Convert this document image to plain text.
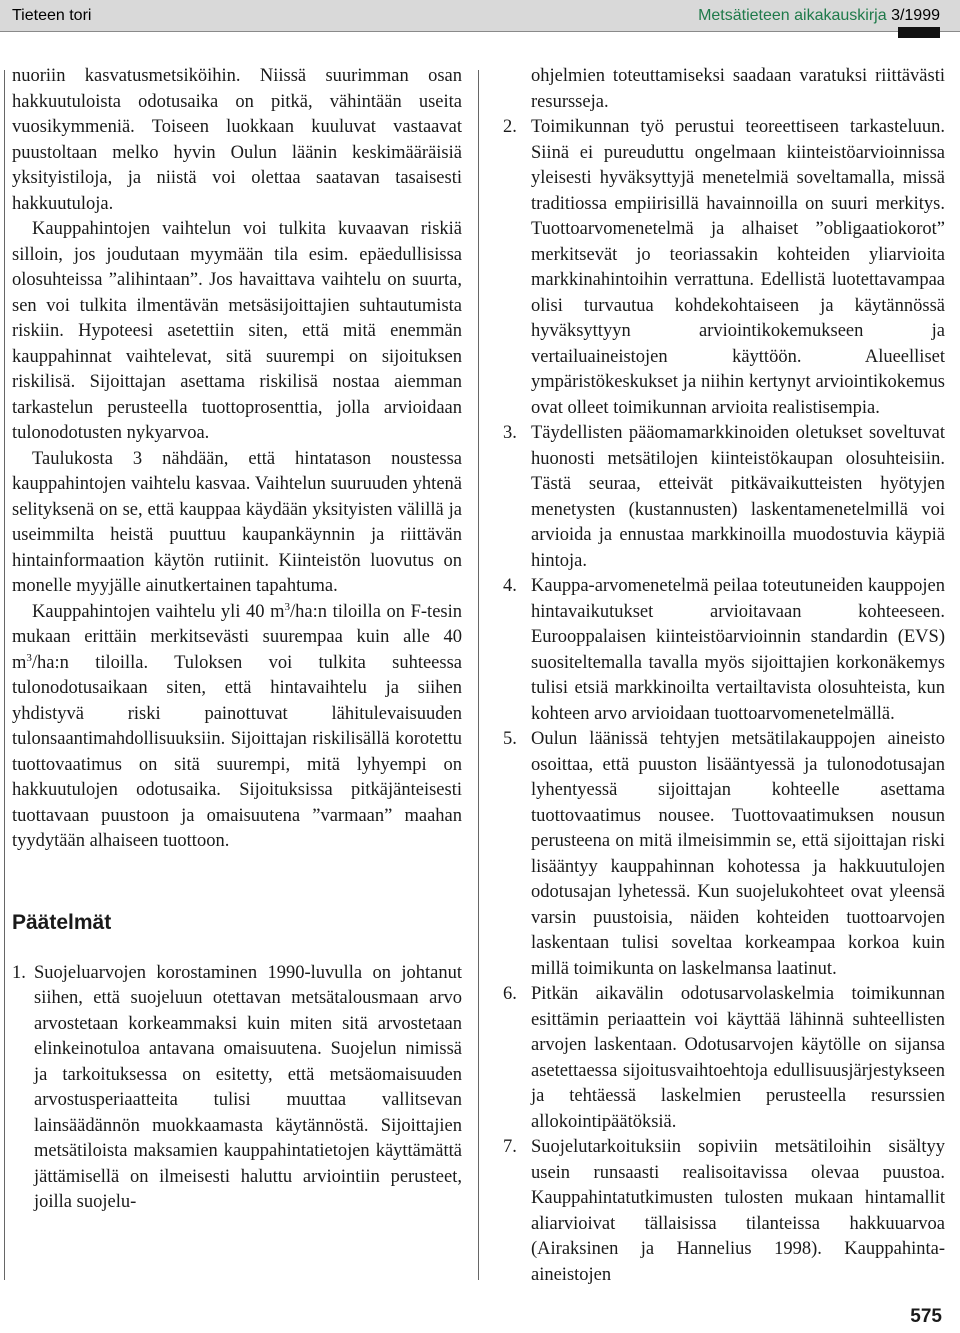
Tieteen tori	Metsätieteen aikakauskirja 3/1999

nuoriin kasvatusmetsiköihin. Niissä suurimman osan hakkuutuloista odotusaika on pitkä, vähintään useita vuosikymmeniä. Toiseen luokkaan kuuluvat vastaavat puustoltaan melko hyvin Oulun läänin keskimääräisiä yksityistiloja, ja niistä voi olettaa saatavan tasaisesti hakkuutuloja.

Kauppahintojen vaihtelun voi tulkita kuvaavan riskiä silloin, jos joudutaan myymään tila esim. epäedullisissa olosuhteissa ”alihintaan”. Jos havaittava vaihtelu on suurta, sen voi tulkita ilmentävän metsäsijoittajien suhtautumista riskiin. Hypoteesi asetettiin siten, että mitä enemmän kauppahinnat vaihtelevat, sitä suurempi on sijoituksen riskilisä. Sijoittajan asettama riskilisä nostaa aiemman tarkastelun perusteella tuottoprosenttia, jolla arvioidaan tulonodotusten nykyarvoa.

Taulukosta 3 nähdään, että hintatason noustessa kauppahintojen vaihtelu kasvaa. Vaihtelun suuruuden yhtenä selityksenä on se, että kauppaa käydään yksityisten välillä ja useimmilta heistä puuttuu kaupankäynnin ja riittävän hintainformaation käytön rutiinit. Kiinteistön luovutus on monelle myyjälle ainutkertainen tapahtuma.

Kauppahintojen vaihtelu yli 40 $m^3/ha:n$ tiloilla on F-tesin mukaan erittäin merkitsevästi suurempaa kuin alle 40 $m^3/ha:n$ tiloilla. Tuloksen voi tulkita suhteessa tulonodotusaikaan siten, että hintavaihtelu ja siihen yhdistyvä riski painottuvat lähitulevaisuuden tulonsaantimahdollisuuksiin. Sijoittajan riskilisällä korotettu tuottovaatimus on sitä suurempi, mitä lyhyempi on hakkuutulojen odotusaika. Sijoituksissa pitkäjänteisesti tuottavaan puustoon ja omaisuutena ”varmaan” maahan tyydytään alhaiseen tuottoon.

Päätelmät
1. Suojeluarvojen korostaminen 1990-luvulla on johtanut siihen, että suojeluun otettavan metsätalousmaan arvo arvostetaan korkeammaksi kuin miten sitä arvostetaan elinkeinotuloa antavana omaisuutena. Suojelun nimissä ja tarkoituksessa on esitetty, että metsäomaisuuden arvostusperiaatteita tulisi muuttaa vallitsevan lainsäädännön muokkaamasta käytännöstä. Sijoittajien metsätiloista maksamien kauppahintatietojen käyttämättä jättämisellä on ilmeisesti haluttu arviointiin perusteet, joilla suojelu-
ohjelmien toteuttamiseksi saadaan varatuksi riittävästi resursseja.
2. Toimikunnan työ perustui teoreettiseen tarkasteluun. Siinä ei pureuduttu ongelmaan kiinteistöarvioinnissa yleisesti hyväksyttyjä menetelmiä soveltamalla, missä traditiossa empiirisillä havainnoilla on suuri merkitys. Tuottoarvomenetelmä ja alhaiset ”obligaatiokorot” merkitsevät jo teoriassakin kohteiden yliarvioita markkinahintoihin verrattuna. Edellistä luotettavampaa olisi turvautua kohdekohtaiseen ja käytännössä hyväksyttyyn arviointikokemukseen ja vertailuaineistojen käyttöön. Alueelliset ympäristökeskukset ja niihin kertynyt arviointikokemus ovat olleet toimikunnan arvioita realistisempia.
3. Täydellisten pääomamarkkinoiden oletukset soveltuvat huonosti metsätilojen kiinteistökaupan olosuhteisiin. Tästä seuraa, etteivät pitkävaikutteisten hyötyjen menetysten (kustannusten) laskentamenetelmillä voi arvioida ja ennustaa markkinoilla muodostuvia käypiä hintoja.
4. Kauppa-arvomenetelmä peilaa toteutuneiden kauppojen hintavaikutukset arvioitavaan kohteeseen. Eurooppalaisen kiinteistöarvioinnin standardin (EVS) suositeltemalla tavalla myös sijoittajien korkonäkemys tulisi etsiä markkinoilta vertailtavista olosuhteista, kun kohteen arvo arvioidaan tuottoarvomenetelmällä.
5. Oulun läänissä tehtyjen metsätilakauppojen aineisto osoittaa, että puuston lisääntyessä ja tulonodotusajan lyhentyessä sijoittajan kohteelle asettama tuottovaatimus nousee. Tuottovaatimuksen nousun perusteena on mitä ilmeisimmin se, että sijoittajan riski lisääntyy kauppahinnan kohotessa ja hakkuutulojen odotusajan lyhetessä. Kun suojelukohteet ovat yleensä varsin puustoisia, näiden kohteiden tuottoarvojen laskentaan tulisi soveltaa korkeampaa korkoa kuin millä toimikunta on laskelmansa laatinut.
6. Pitkän aikavälin odotusarvolaskelmia toimikunnan esittämin periaattein voi käyttää lähinnä suhteellisten arvojen laskentaan. Odotusarvojen käytölle on sijansa asetettaessa sijoitusvaihtoehtoja edullisuusjärjestykseen ja tehtäessä laskelmien perusteella resurssien allokointipäätöksiä.
7. Suojelutarkoituksiin sopiviin metsätiloihin sisältyy usein runsaasti realisoitavissa olevaa puustoa. Kauppahintatutkimusten tulosten mukaan hintamallit aliarvioivat tällaisissa tilanteissa hakkuuarvoa (Airaksinen ja Hannelius 1998). Kauppahinta-aineistojen
575
